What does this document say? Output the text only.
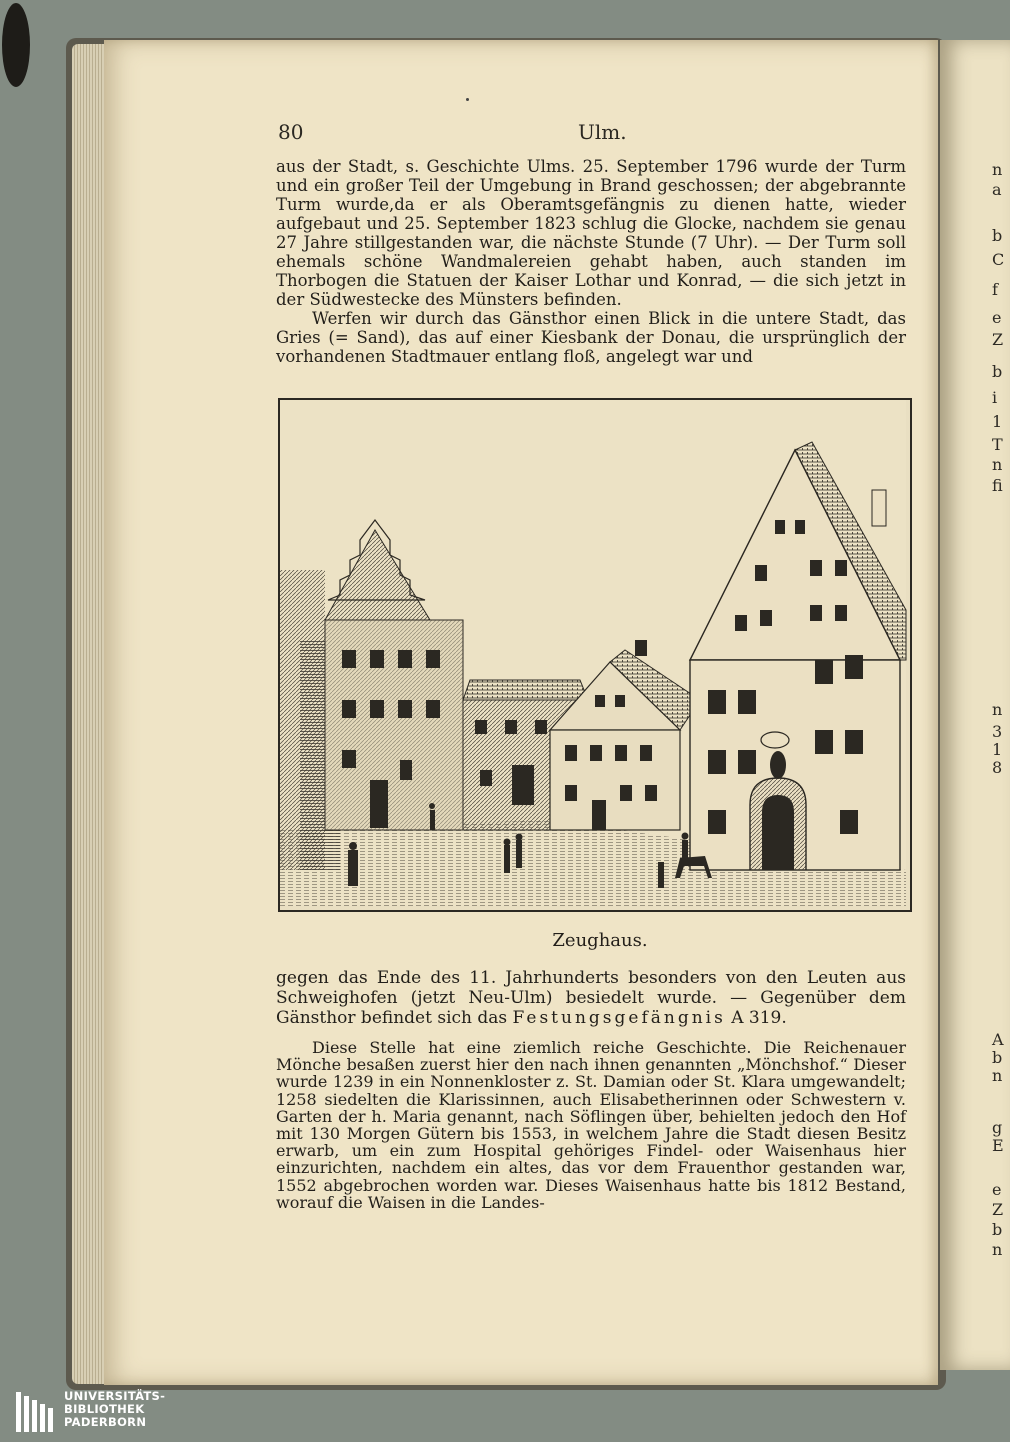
n
a
b
C
f
e
Z
b
i
1
T
n
fi
n
3
1
8
A
b
n
g
E
e
Z
b
n

80	Ulm.

aus der Stadt, s. Geschichte Ulms. 25. September 1796 wurde der Turm und ein großer Teil der Umgebung in Brand geschossen; der abgebrannte Turm wurde,da er als Oberamtsgefängnis zu dienen hatte, wieder aufgebaut und 25. September 1823 schlug die Glocke, nachdem sie genau 27 Jahre stillgestanden war, die nächste Stunde (7 Uhr). — Der Turm soll ehemals schöne Wandmalereien gehabt haben, auch standen im Thorbogen die Statuen der Kaiser Lothar und Konrad, — die sich jetzt in der Südwestecke des Münsters befinden.

Werfen wir durch das Gänsthor einen Blick in die untere Stadt, das Gries (= Sand), das auf einer Kiesbank der Donau, die ursprünglich der vorhandenen Stadtmauer entlang floß, angelegt war und

Zeughaus.

gegen das Ende des 11. Jahrhunderts besonders von den Leuten aus Schweighofen (jetzt Neu-Ulm) besiedelt wurde. — Gegenüber dem Gänsthor befindet sich das Festungsgefängnis A 319.

Diese Stelle hat eine ziemlich reiche Geschichte. Die Reichenauer Mönche besaßen zuerst hier den nach ihnen genannten „Mönchshof.“ Dieser wurde 1239 in ein Nonnenkloster z. St. Damian oder St. Klara umgewandelt; 1258 siedelten die Klarissinnen, auch Elisabetherinnen oder Schwestern v. Garten der h. Maria genannt, nach Söflingen über, behielten jedoch den Hof mit 130 Morgen Gütern bis 1553, in welchem Jahre die Stadt diesen Besitz erwarb, um ein zum Hospital gehöriges Findel- oder Waisenhaus hier einzurichten, nachdem ein altes, das vor dem Frauenthor gestanden war, 1552 abgebrochen worden war. Dieses Waisenhaus hatte bis 1812 Bestand, worauf die Waisen in die Landes-

UNIVERSITÄTS-
BIBLIOTHEK
PADERBORN
